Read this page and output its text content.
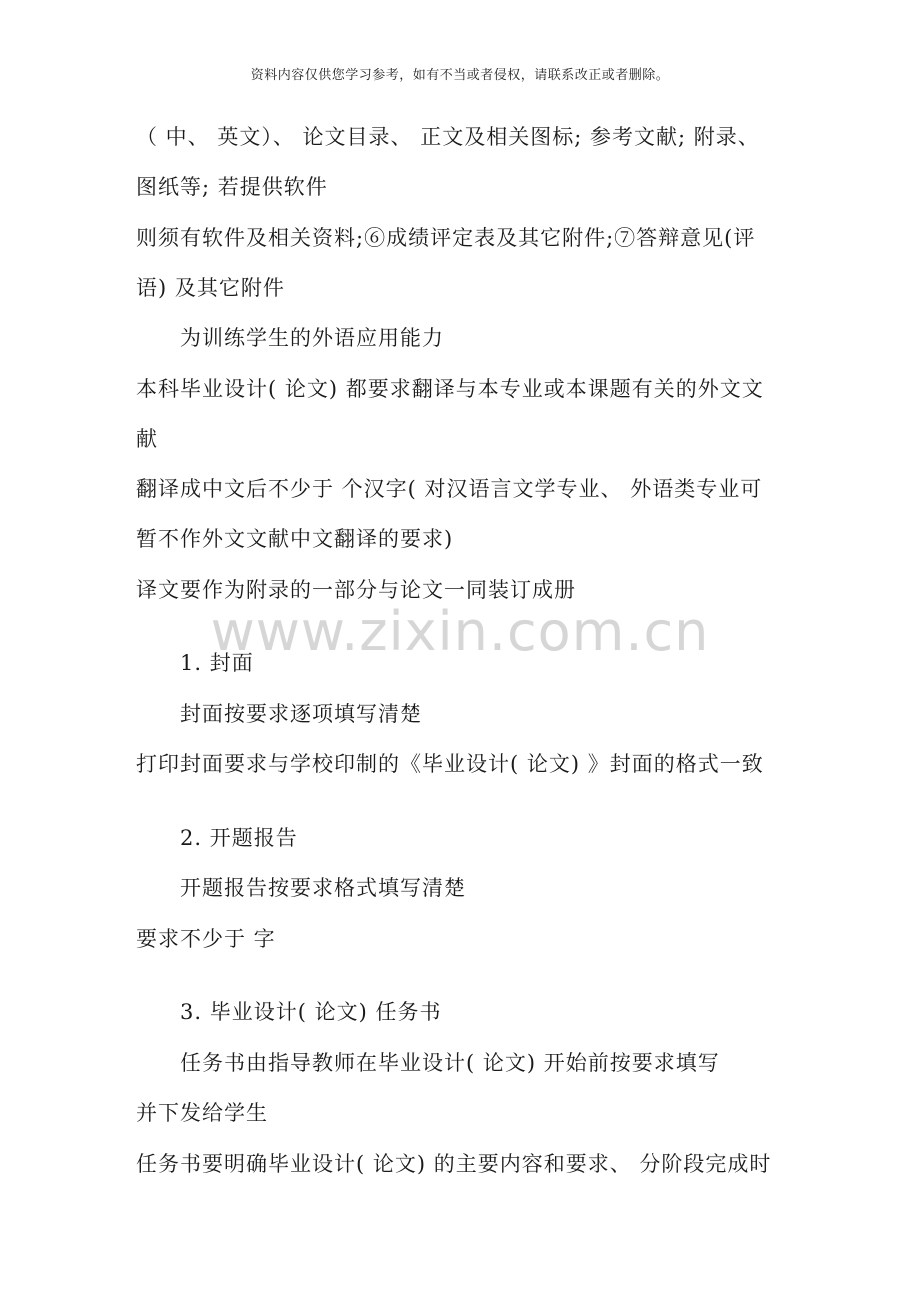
资料内容仅供您学习参考，如有不当或者侵权，请联系改正或者删除。
www.zixin.com.cn
（ 中、 英文）、 论文目录、 正文及相关图标; 参考文献; 附录、
图纸等; 若提供软件
则须有软件及相关资料;⑥成绩评定表及其它附件;⑦答辩意见(评
语) 及其它附件
为训练学生的外语应用能力
本科毕业设计( 论文) 都要求翻译与本专业或本课题有关的外文文
献
翻译成中文后不少于 个汉字( 对汉语言文学专业、 外语类专业可
暂不作外文文献中文翻译的要求)
译文要作为附录的一部分与论文一同装订成册
1. 封面
封面按要求逐项填写清楚
打印封面要求与学校印制的《毕业设计( 论文) 》封面的格式一致
2. 开题报告
开题报告按要求格式填写清楚
要求不少于 字
3. 毕业设计( 论文) 任务书
任务书由指导教师在毕业设计( 论文) 开始前按要求填写
并下发给学生
任务书要明确毕业设计( 论文) 的主要内容和要求、 分阶段完成时
